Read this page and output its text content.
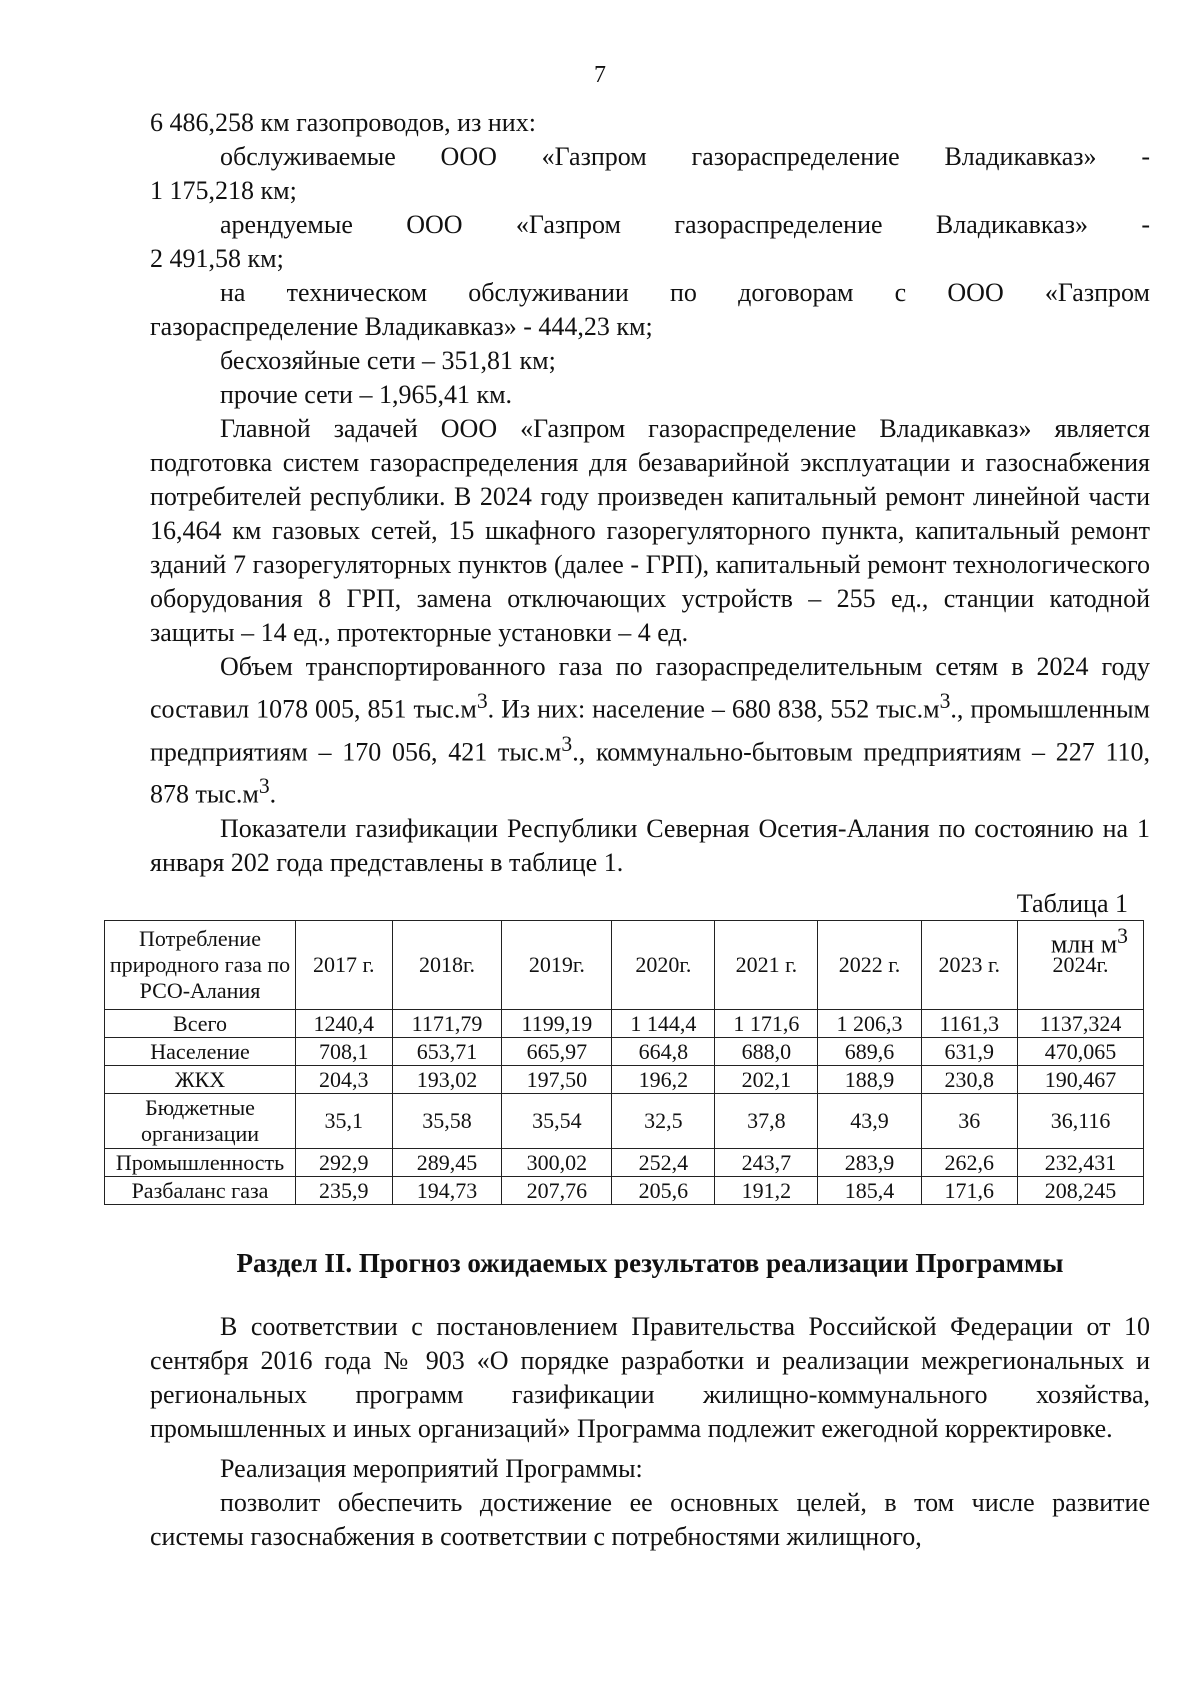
7

6 486,258 км газопроводов, из них:

обслуживаемые ООО «Газпром газораспределение Владикавказ» -

1 175,218 км;

арендуемые ООО «Газпром газораспределение Владикавказ» -

2 491,58 км;

на техническом обслуживании по договорам с ООО «Газпром

газораспределение Владикавказ» - 444,23 км;

бесхозяйные сети – 351,81 км;

прочие сети – 1,965,41 км.

Главной задачей ООО «Газпром газораспределение Владикавказ» является подготовка систем газораспределения для безаварийной эксплуатации и газоснабжения потребителей республики. В 2024 году произведен капитальный ремонт линейной части 16,464 км газовых сетей, 15 шкафного газорегуляторного пункта, капитальный ремонт зданий 7 газорегуляторных пунктов (далее - ГРП), капитальный ремонт технологического оборудования 8 ГРП, замена отключающих устройств – 255 ед., станции катодной защиты – 14 ед., протекторные установки – 4 ед.

Объем транспортированного газа по газораспределительным сетям в 2024 году составил 1078 005, 851 $тыс.м^3$. Из них: население – 680 838, 552 $тыс.м^3$., промышленным предприятиям – 170 056, 421 $тыс.м^3$., коммунально-бытовым предприятиям – 227 110, 878 $тыс.м^3$.

Показатели газификации Республики Северная Осетия-Алания по состоянию на 1 января 202 года представлены в таблице 1.

Таблица 1
млн $м^3$
Потребление природного газа по РСО-Алания	2017 г.	2018г.	2019г.	2020г.	2021 г.	2022 г.	2023 г.	2024г.
Всего	1240,4	1171,79	1199,19	1 144,4	1 171,6	1 206,3	1161,3	1137,324
Население	708,1	653,71	665,97	664,8	688,0	689,6	631,9	470,065
ЖКХ	204,3	193,02	197,50	196,2	202,1	188,9	230,8	190,467
Бюджетные организации	35,1	35,58	35,54	32,5	37,8	43,9	36	36,116
Промышленность	292,9	289,45	300,02	252,4	243,7	283,9	262,6	232,431
Разбаланс газа	235,9	194,73	207,76	205,6	191,2	185,4	171,6	208,245
Раздел II. Прогноз ожидаемых результатов реализации Программы

В соответствии с постановлением Правительства Российской Федерации от 10 сентября 2016 года № 903 «О порядке разработки и реализации межрегиональных и региональных программ газификации жилищно-коммунального хозяйства, промышленных и иных организаций» Программа подлежит ежегодной корректировке.

Реализация мероприятий Программы:

позволит обеспечить достижение ее основных целей, в том числе развитие системы газоснабжения в соответствии с потребностями жилищного,
